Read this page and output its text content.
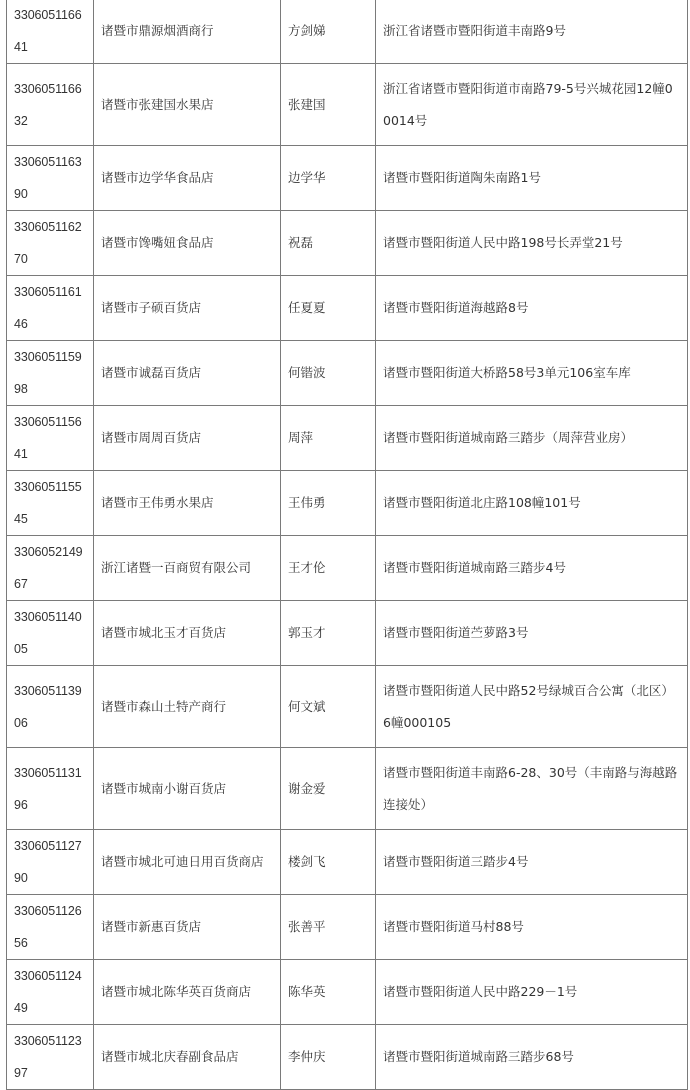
330605116641	诸暨市鼎源烟酒商行	方剑娣	浙江省诸暨市暨阳街道丰南路9号
330605116632	诸暨市张建国水果店	张建国	浙江省诸暨市暨阳街道市南路79-5号兴城花园12幢00014号
330605116390	诸暨市边学华食品店	边学华	诸暨市暨阳街道陶朱南路1号
330605116270	诸暨市馋嘴妞食品店	祝磊	诸暨市暨阳街道人民中路198号长弄堂21号
330605116146	诸暨市子硕百货店	任夏夏	诸暨市暨阳街道海越路8号
330605115998	诸暨市诚磊百货店	何锴波	诸暨市暨阳街道大桥路58号3单元106室车库
330605115641	诸暨市周周百货店	周萍	诸暨市暨阳街道城南路三踏步（周萍营业房）
330605115545	诸暨市王伟勇水果店	王伟勇	诸暨市暨阳街道北庄路108幢101号
330605214967	浙江诸暨一百商贸有限公司	王才伦	诸暨市暨阳街道城南路三踏步4号
330605114005	诸暨市城北玉才百货店	郭玉才	诸暨市暨阳街道苎萝路3号
330605113906	诸暨市森山土特产商行	何文斌	诸暨市暨阳街道人民中路52号绿城百合公寓（北区）6幢000105
330605113196	诸暨市城南小谢百货店	谢金爱	诸暨市暨阳街道丰南路6-28、30号（丰南路与海越路连接处）
330605112790	诸暨市城北可迪日用百货商店	楼剑飞	诸暨市暨阳街道三踏步4号
330605112656	诸暨市新惠百货店	张善平	诸暨市暨阳街道马村88号
330605112449	诸暨市城北陈华英百货商店	陈华英	诸暨市暨阳街道人民中路229－1号
330605112397	诸暨市城北庆春副食品店	李仲庆	诸暨市暨阳街道城南路三踏步68号
